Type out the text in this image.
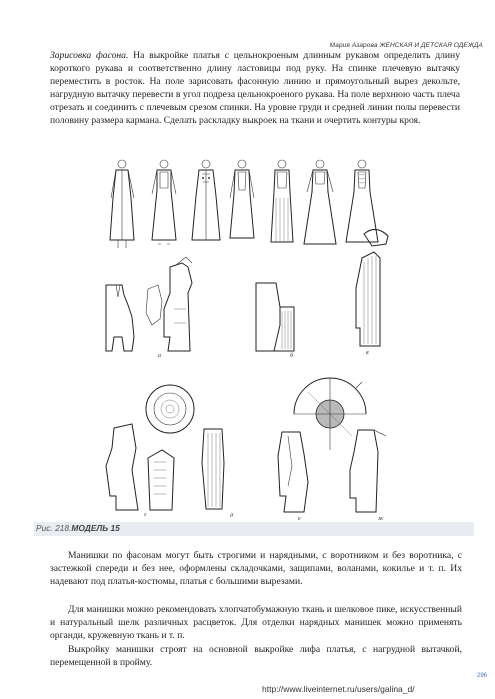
Мария Азарова ЖЕНСКАЯ И ДЕТСКАЯ ОДЕЖДА

Зарисовка фасона. На выкройке платья с цельнокроеным длинным рукавом определить длину короткого рукава и соответственно длину ластовицы под руку. На спинке плечевую вытачку переместить в росток. На поле зарисовать фасонную линию и прямоугольный вырез декольте, нагрудную вытачку перевести в угол подреза цельнокроеного рукава. На поле верхнюю часть плеча отрезать и соединить с плечевым срезом спинки. На уровне груди и средней линии полы перевести половину размера кармана. Сделать раскладку выкроек на ткани и очертить контуры кроя.

а	б	в
г	д	е	ж
Рис. 218.МОДЕЛЬ 15

Манишки по фасонам могут быть строгими и нарядными, с воротником и без воротника, с застежкой спереди и без нее, оформлены складочками, защипами, воланами, кокилье и т. п. Их надевают под платья-костюмы, платья с большими вырезами.

Для манишки можно рекомендовать хлопчатобумажную ткань и шелковое пике, искусственный и натуральный шелк различных расцветок. Для отделки нарядных манишек можно применять органди, кружевную ткань и т. п.

Выкройку манишки строят на основной выкройке лифа платья, с нагрудной вытачкой, перемещенной в пройму.

296
http://www.liveinternet.ru/users/galina_d/
